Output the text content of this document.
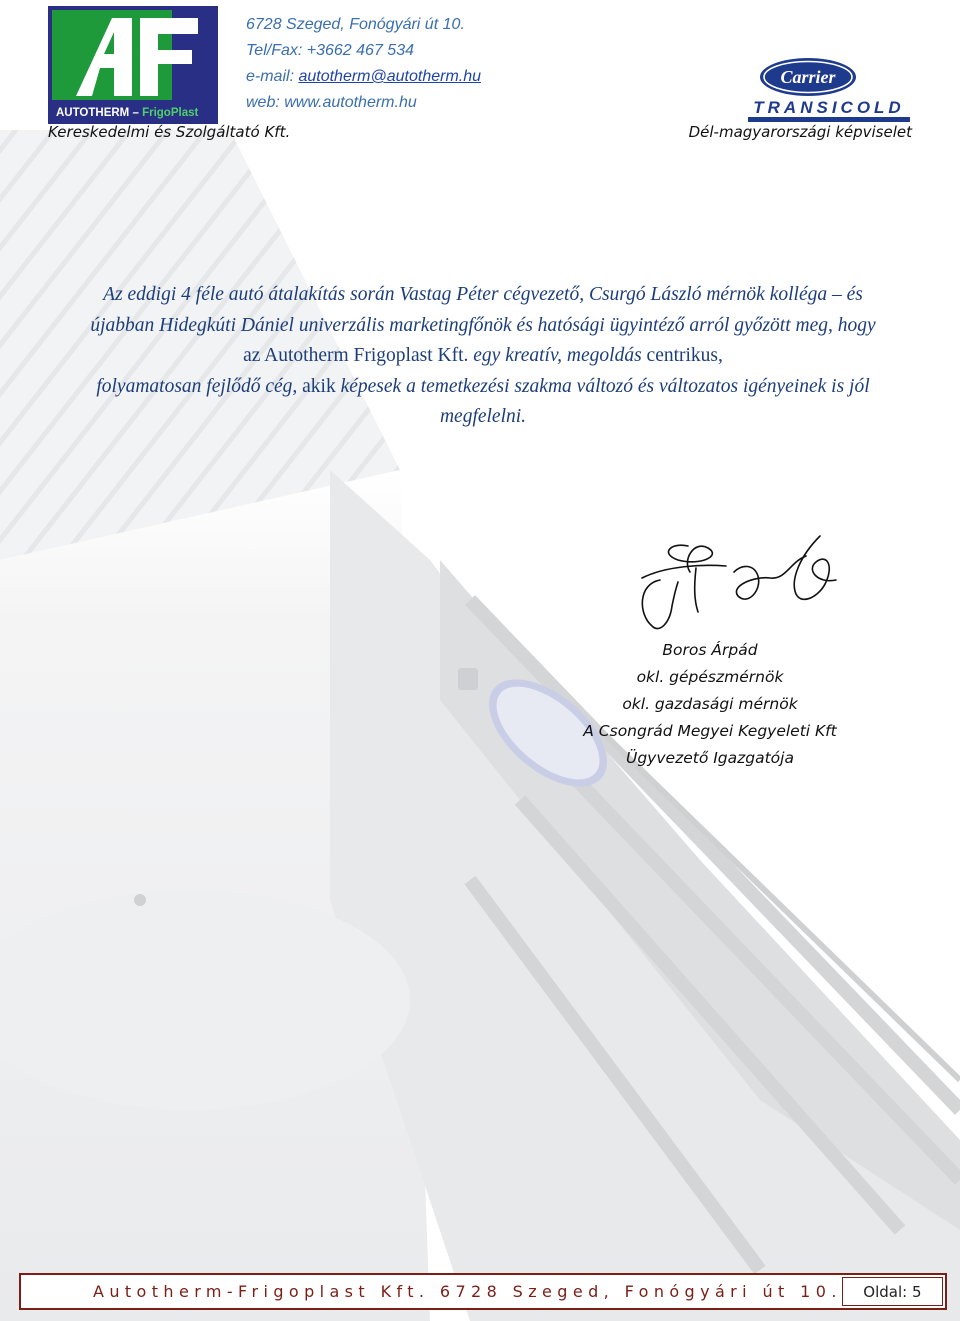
AUTOTHERM – FrigoPlast
6728 Szeged, Fonógyári út 10.
Tel/Fax: +3662 467 534
e-mail: autotherm@autotherm.hu
web: www.autotherm.hu
Kereskedelmi és Szolgáltató Kft.
Carrier
TRANSICOLD
Dél-magyarországi képviselet
Az eddigi 4 féle autó átalakítás során Vastag Péter cégvezető, Csurgó László mérnök kolléga – és újabban Hidegkúti Dániel univerzális marketingfőnök és hatósági ügyintéző arról győzött meg, hogy az Autotherm Frigoplast Kft. egy kreatív, megoldás centrikus,
folyamatosan fejlődő cég, akik képesek a temetkezési szakma változó és változatos igényeinek is jól megfelelni.
Boros Árpád
okl. gépészmérnök
okl. gazdasági mérnök
A Csongrád Megyei Kegyeleti Kft
Ügyvezető Igazgatója
Autotherm-Frigoplast Kft. 6728 Szeged, Fonógyári út 10.	Oldal: 5
